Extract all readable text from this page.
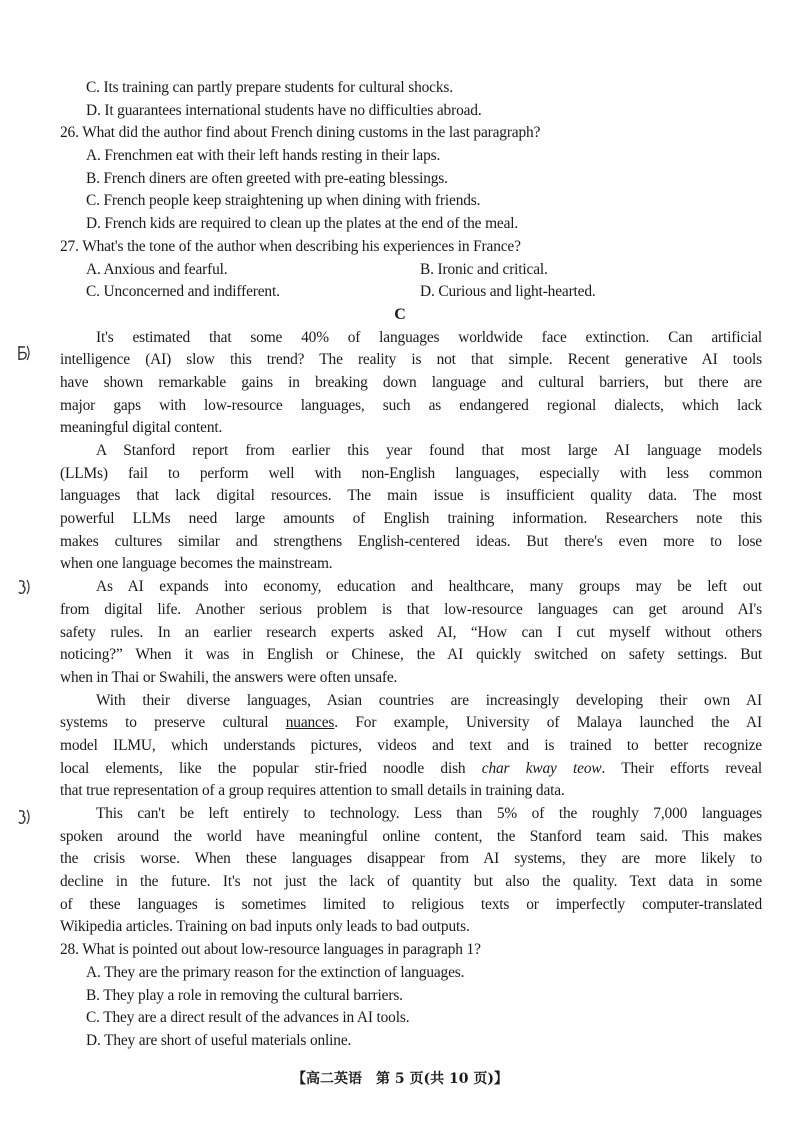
C. Its training can partly prepare students for cultural shocks.
D. It guarantees international students have no difficulties abroad.
26. What did the author find about French dining customs in the last paragraph?
A. Frenchmen eat with their left hands resting in their laps.
B. French diners are often greeted with pre-eating blessings.
C. French people keep straightening up when dining with friends.
D. French kids are required to clean up the plates at the end of the meal.
27. What's the tone of the author when describing his experiences in France?
A. Anxious and fearful.	B. Ironic and critical.
C. Unconcerned and indifferent.	D. Curious and light-hearted.
C
It's estimated that some 40% of languages worldwide face extinction. Can artificial
intelligence (AI) slow this trend? The reality is not that simple. Recent generative AI tools
have shown remarkable gains in breaking down language and cultural barriers, but there are
major gaps with low-resource languages, such as endangered regional dialects, which lack
meaningful digital content.
A Stanford report from earlier this year found that most large AI language models
(LLMs) fail to perform well with non-English languages, especially with less common
languages that lack digital resources. The main issue is insufficient quality data. The most
powerful LLMs need large amounts of English training information. Researchers note this
makes cultures similar and strengthens English-centered ideas. But there's even more to lose
when one language becomes the mainstream.
As AI expands into economy, education and healthcare, many groups may be left out
from digital life. Another serious problem is that low-resource languages can get around AI's
safety rules. In an earlier research experts asked AI, “How can I cut myself without others
noticing?” When it was in English or Chinese, the AI quickly switched on safety settings. But
when in Thai or Swahili, the answers were often unsafe.
With their diverse languages, Asian countries are increasingly developing their own AI
systems to preserve cultural nuances. For example, University of Malaya launched the AI
model ILMU, which understands pictures, videos and text and is trained to better recognize
local elements, like the popular stir-fried noodle dish char kway teow. Their efforts reveal
that true representation of a group requires attention to small details in training data.
This can't be left entirely to technology. Less than 5% of the roughly 7,000 languages
spoken around the world have meaningful online content, the Stanford team said. This makes
the crisis worse. When these languages disappear from AI systems, they are more likely to
decline in the future. It's not just the lack of quantity but also the quality. Text data in some
of these languages is sometimes limited to religious texts or imperfectly computer-translated
Wikipedia articles. Training on bad inputs only leads to bad outputs.
28. What is pointed out about low-resource languages in paragraph 1?
A. They are the primary reason for the extinction of languages.
B. They play a role in removing the cultural barriers.
C. They are a direct result of the advances in AI tools.
D. They are short of useful materials online.
【高二英语　第 5 页(共 10 页)】
